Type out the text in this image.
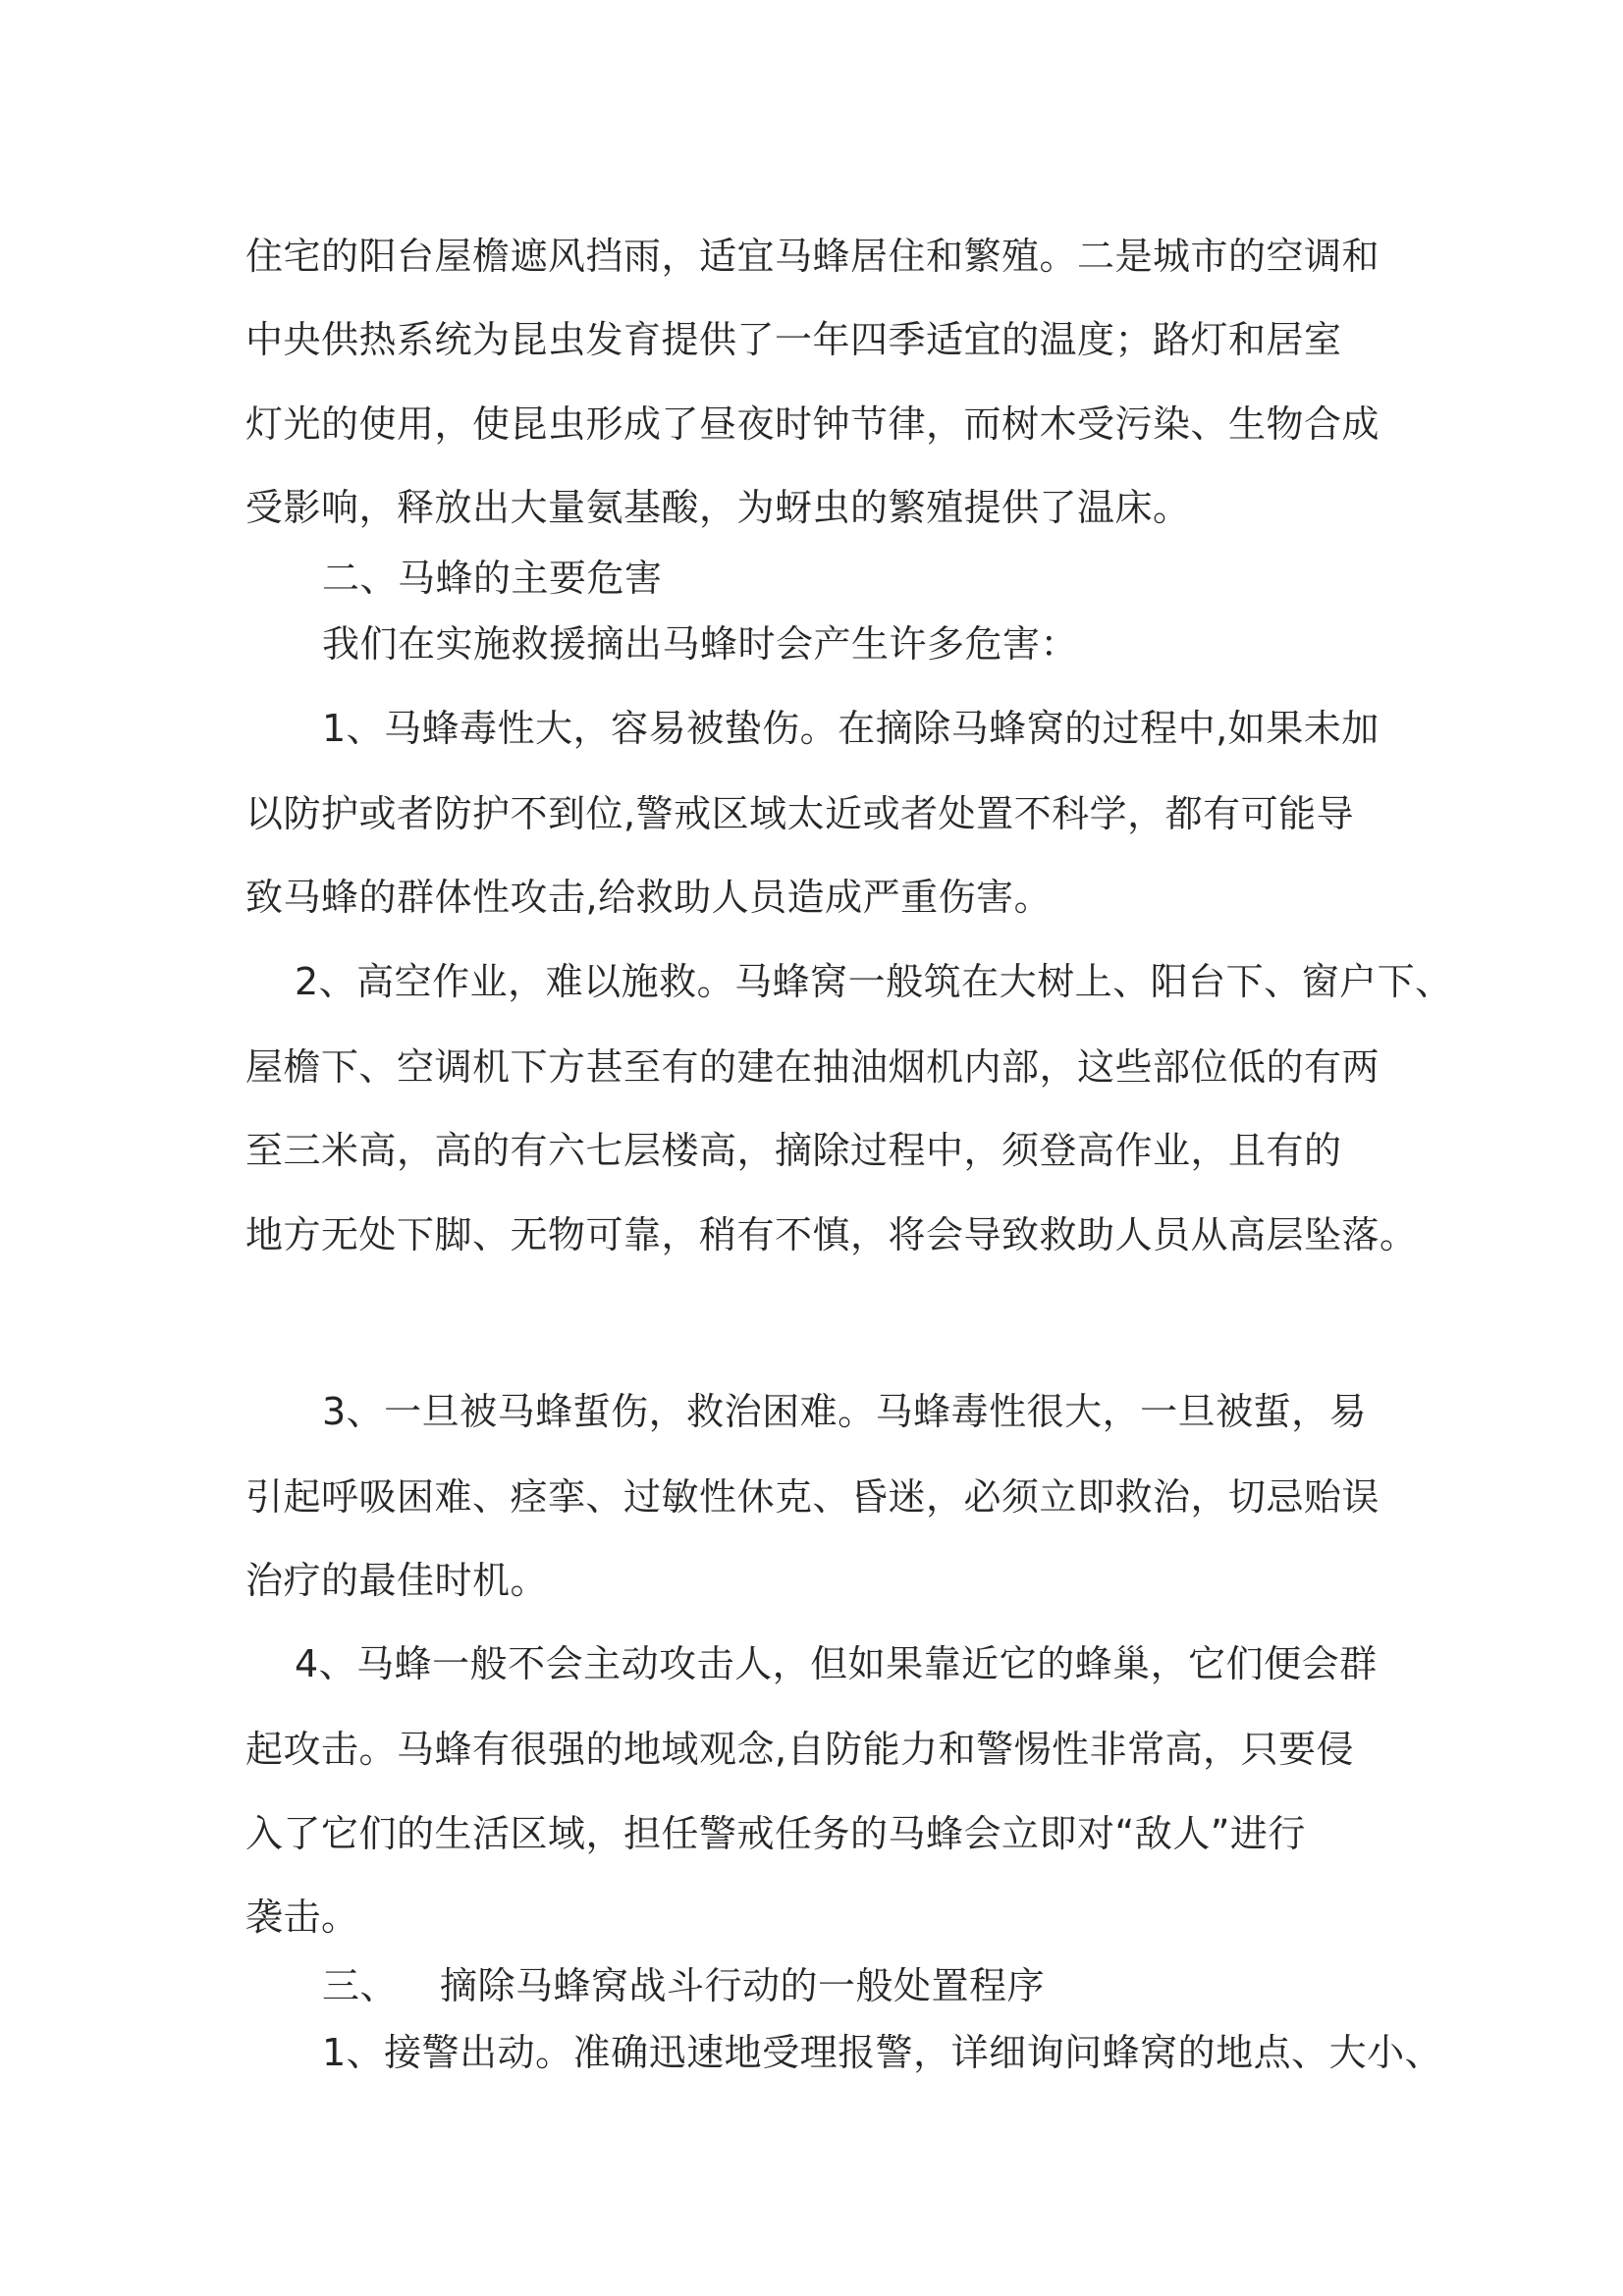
住宅的阳台屋檐遮风挡雨，适宜马蜂居住和繁殖。二是城市的空调和
中央供热系统为昆虫发育提供了一年四季适宜的温度；路灯和居室
灯光的使用，使昆虫形成了昼夜时钟节律，而树木受污染、生物合成
受影响，释放出大量氨基酸，为蚜虫的繁殖提供了温床。
二、马蜂的主要危害
我们在实施救援摘出马蜂时会产生许多危害：
1、马蜂毒性大，容易被蛰伤。在摘除马蜂窝的过程中,如果未加
以防护或者防护不到位,警戒区域太近或者处置不科学，都有可能导
致马蜂的群体性攻击,给救助人员造成严重伤害。
2、高空作业，难以施救。马蜂窝一般筑在大树上、阳台下、窗户下、
屋檐下、空调机下方甚至有的建在抽油烟机内部，这些部位低的有两
至三米高，高的有六七层楼高，摘除过程中，须登高作业，且有的
地方无处下脚、无物可靠，稍有不慎，将会导致救助人员从高层坠落。
3、一旦被马蜂蜇伤，救治困难。马蜂毒性很大，一旦被蜇，易
引起呼吸困难、痉挛、过敏性休克、昏迷，必须立即救治，切忌贻误
治疗的最佳时机。
4、马蜂一般不会主动攻击人，但如果靠近它的蜂巢，它们便会群
起攻击。马蜂有很强的地域观念,自防能力和警惕性非常高，只要侵
入了它们的生活区域，担任警戒任务的马蜂会立即对“敌人”进行
袭击。
三、 摘除马蜂窝战斗行动的一般处置程序
1、接警出动。准确迅速地受理报警，详细询问蜂窝的地点、大小、
